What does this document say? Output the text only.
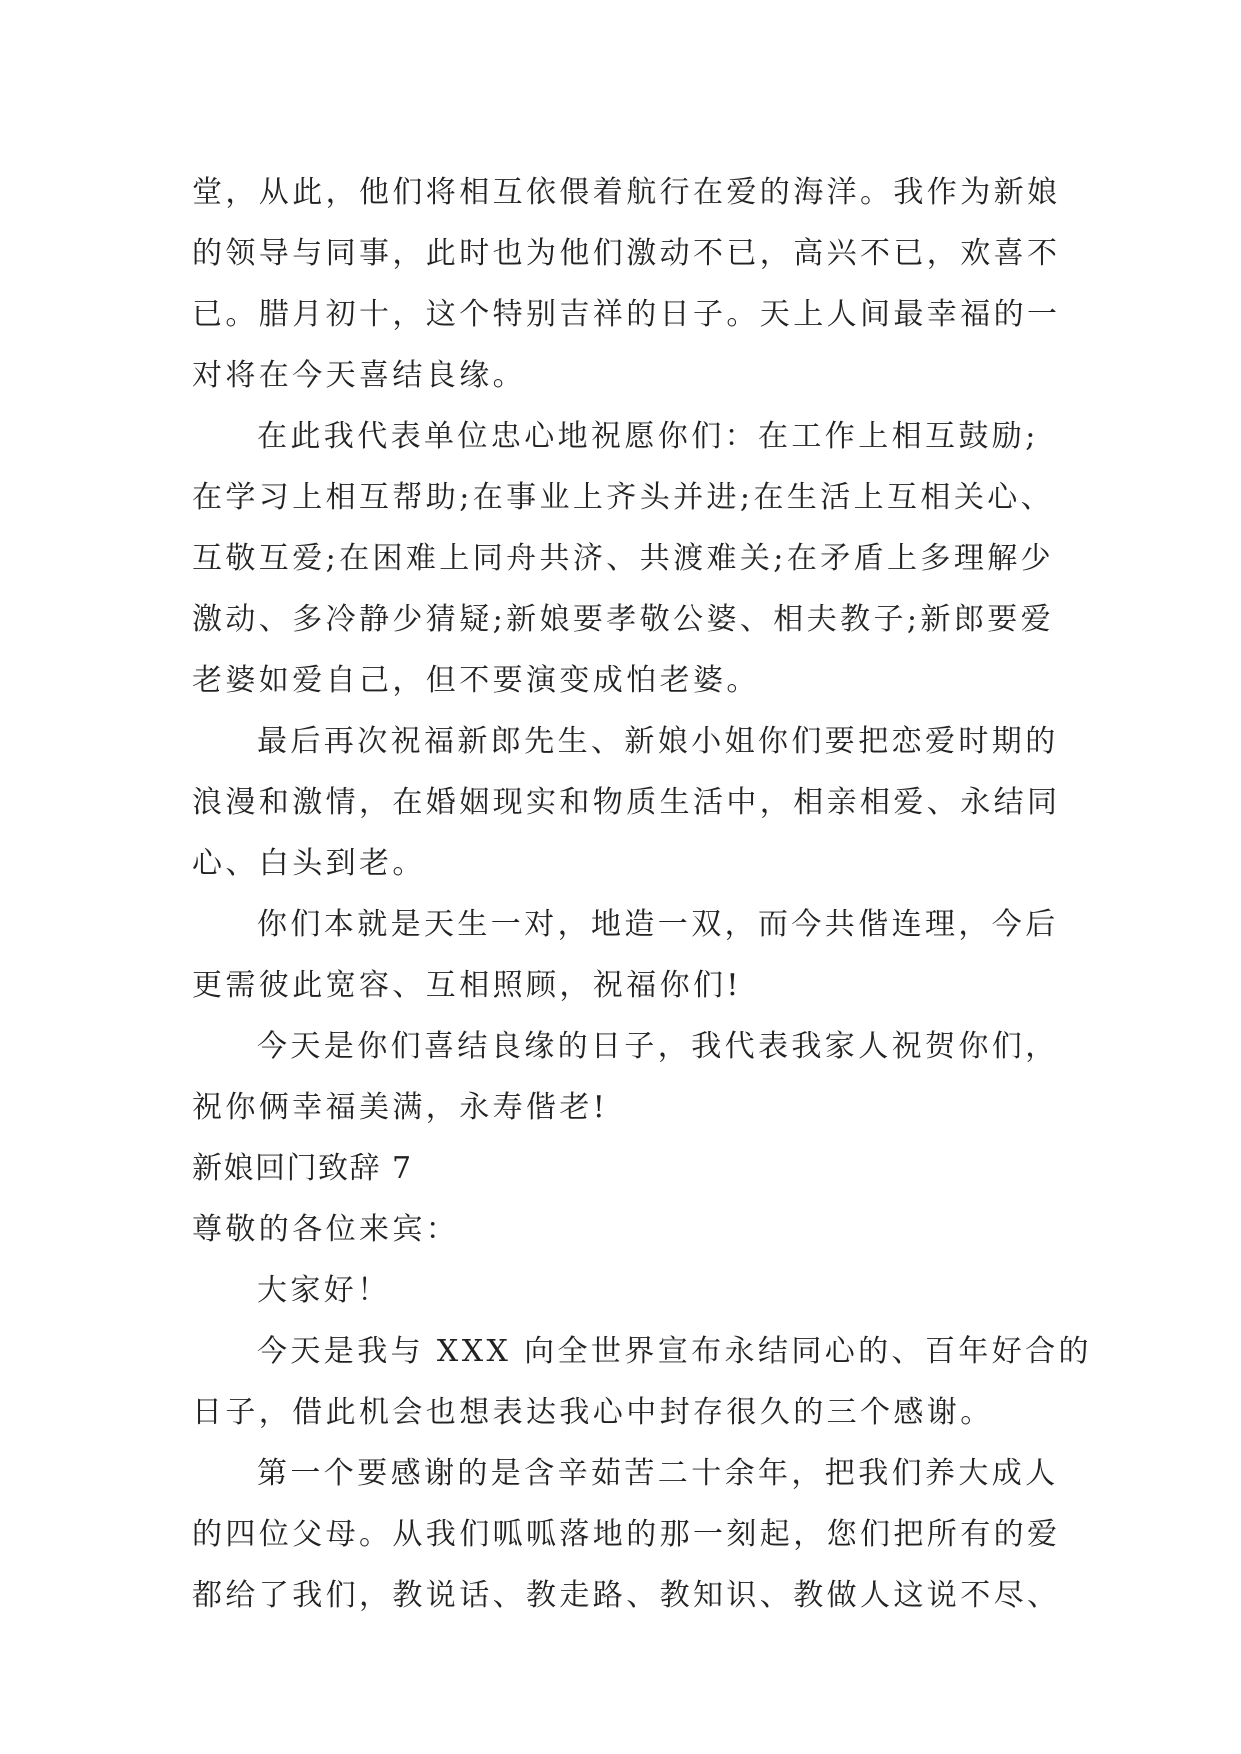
堂，从此，他们将相互依偎着航行在爱的海洋。我作为新娘
的领导与同事，此时也为他们激动不已，高兴不已，欢喜不
已。腊月初十，这个特别吉祥的日子。天上人间最幸福的一
对将在今天喜结良缘。
在此我代表单位忠心地祝愿你们：在工作上相互鼓励;
在学习上相互帮助;在事业上齐头并进;在生活上互相关心、
互敬互爱;在困难上同舟共济、共渡难关;在矛盾上多理解少
激动、多冷静少猜疑;新娘要孝敬公婆、相夫教子;新郎要爱
老婆如爱自己，但不要演变成怕老婆。
最后再次祝福新郎先生、新娘小姐你们要把恋爱时期的
浪漫和激情，在婚姻现实和物质生活中，相亲相爱、永结同
心、白头到老。
你们本就是天生一对，地造一双，而今共偕连理，今后
更需彼此宽容、互相照顾，祝福你们!
今天是你们喜结良缘的日子，我代表我家人祝贺你们，
祝你俩幸福美满，永寿偕老!
新娘回门致辞 7
尊敬的各位来宾：
大家好！
今天是我与 XXX 向全世界宣布永结同心的、百年好合的
日子，借此机会也想表达我心中封存很久的三个感谢。
第一个要感谢的是含辛茹苦二十余年，把我们养大成人
的四位父母。从我们呱呱落地的那一刻起，您们把所有的爱
都给了我们，教说话、教走路、教知识、教做人这说不尽、
